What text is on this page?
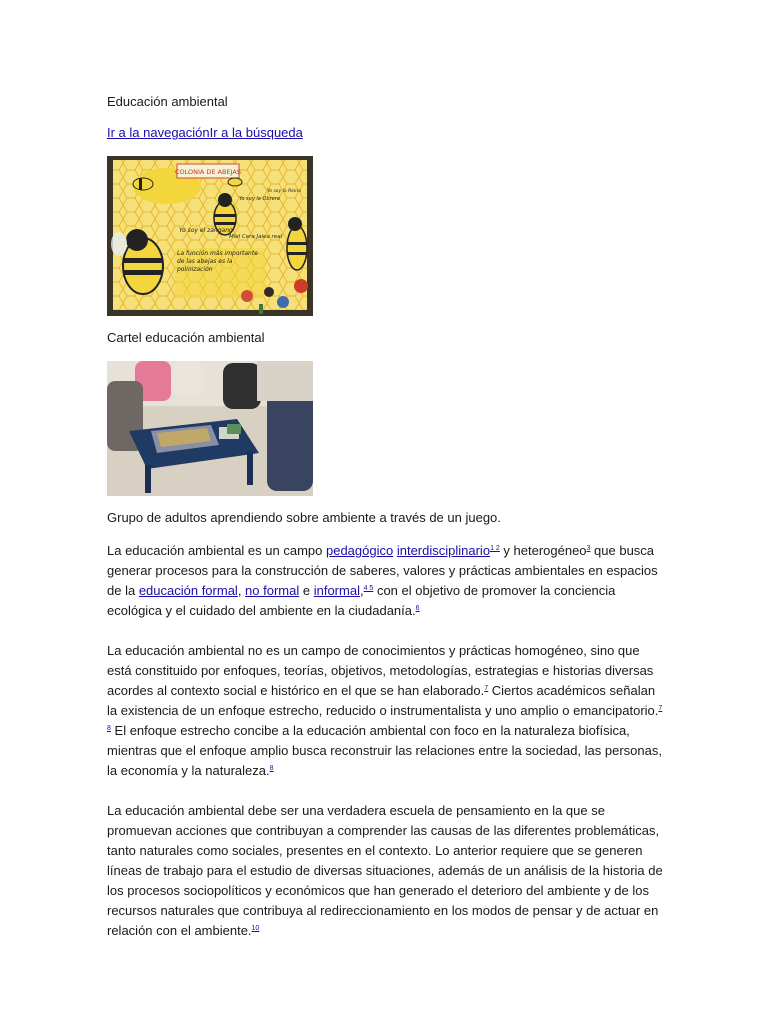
Educación ambiental

Ir a la navegaciónIr a la búsqueda

COLONIA DE ABEJAS
Yo soy el zángano
Yo soy la Obrera
Yo soy la Reina
Miel Cera Jalea real
La función más importante de las abejas es la polinización

Cartel educación ambiental

Grupo de adultos aprendiendo sobre ambiente a través de un juego.

La educación ambiental es un campo pedagógico interdisciplinario$^{1 2}$ y heterogéneo$^3$ que busca generar procesos para la construcción de saberes, valores y prácticas ambientales en espacios de la educación formal, no formal e informal,$^{4 5}$ con el objetivo de promover la conciencia ecológica y el cuidado del ambiente en la ciudadanía.$^6$

La educación ambiental no es un campo de conocimientos y prácticas homogéneo, sino que está constituido por enfoques, teorías, objetivos, metodologías, estrategias e historias diversas acordes al contexto social e histórico en el que se han elaborado.$^7$ Ciertos académicos señalan la existencia de un enfoque estrecho, reducido o instrumentalista y uno amplio o emancipatorio.$^{7 8}$ El enfoque estrecho concibe a la educación ambiental con foco en la naturaleza biofísica, mientras que el enfoque amplio busca reconstruir las relaciones entre la sociedad, las personas, la economía y la naturaleza.$^8$

La educación ambiental debe ser una verdadera escuela de pensamiento en la que se promuevan acciones que contribuyan a comprender las causas de las diferentes problemáticas, tanto naturales como sociales, presentes en el contexto. Lo anterior requiere que se generen líneas de trabajo para el estudio de diversas situaciones, además de un análisis de la historia de los procesos sociopolíticos y económicos que han generado el deterioro del ambiente y de los recursos naturales que contribuya al redireccionamiento en los modos de pensar y de actuar en relación con el ambiente.$^{10}$
